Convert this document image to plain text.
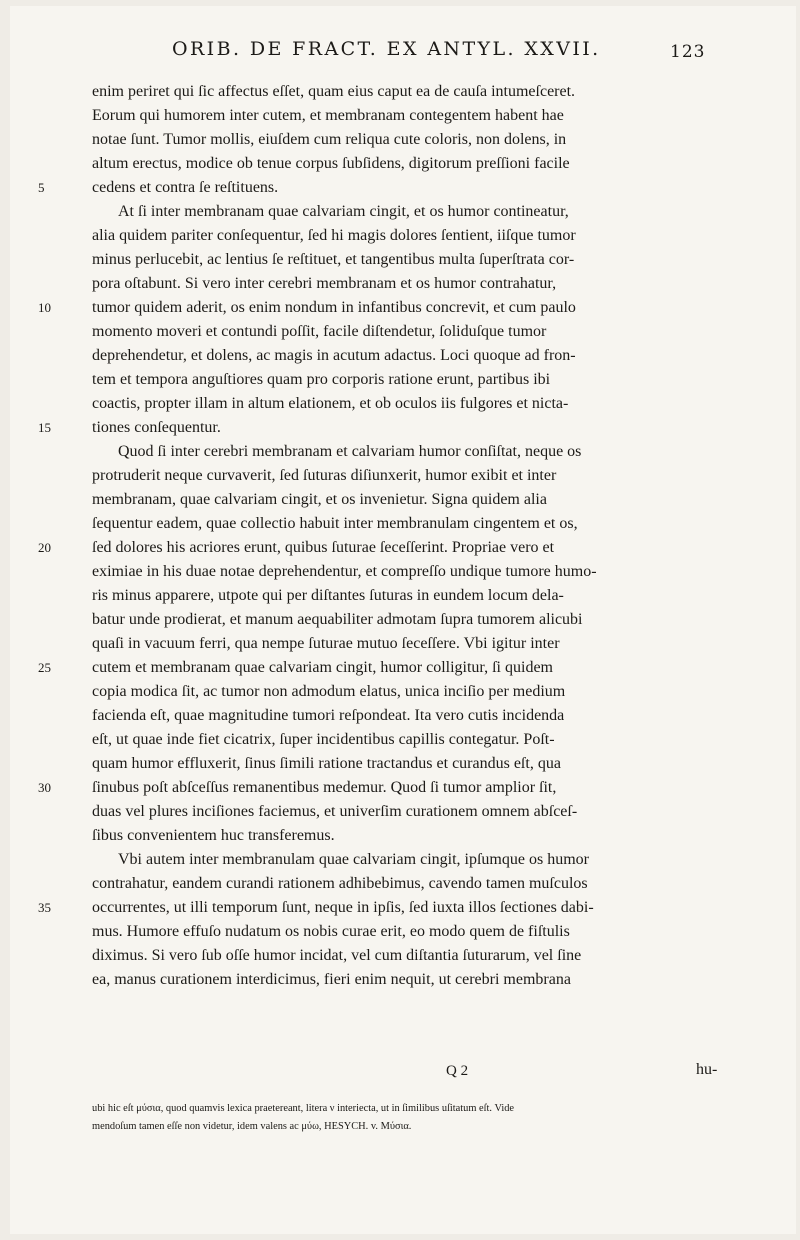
ORIB. DE FRACT. EX ANTYL. XXVII.	123
enim periret qui ſic affectus eſſet, quam eius caput ea de cauſa intumeſceret.
Eorum qui humorem inter cutem, et membranam contegentem habent hae
notae ſunt. Tumor mollis, eiuſdem cum reliqua cute coloris, non dolens, in
altum erectus, modice ob tenue corpus ſubſidens, digitorum preſſioni facile
cedens et contra ſe reſtituens.
At ſi inter membranam quae calvariam cingit, et os humor contineatur,
alia quidem pariter conſequentur, ſed hi magis dolores ſentient, iiſque tumor
minus perlucebit, ac lentius ſe reſtituet, et tangentibus multa ſuperſtrata cor-
pora oſtabunt. Si vero inter cerebri membranam et os humor contrahatur,
tumor quidem aderit, os enim nondum in infantibus concrevit, et cum paulo
momento moveri et contundi poſſit, facile diſtendetur, ſoliduſque tumor
deprehendetur, et dolens, ac magis in acutum adactus. Loci quoque ad fron-
tem et tempora anguſtiores quam pro corporis ratione erunt, partibus ibi
coactis, propter illam in altum elationem, et ob oculos iis fulgores et nicta-
tiones conſequentur.
Quod ſi inter cerebri membranam et calvariam humor conſiſtat, neque os
protruderit neque curvaverit, ſed ſuturas diſiunxerit, humor exibit et inter
membranam, quae calvariam cingit, et os invenietur. Signa quidem alia
ſequentur eadem, quae collectio habuit inter membranulam cingentem et os,
ſed dolores his acriores erunt, quibus ſuturae ſeceſſerint. Propriae vero et
eximiae in his duae notae deprehendentur, et compreſſo undique tumore humo-
ris minus apparere, utpote qui per diſtantes ſuturas in eundem locum dela-
batur unde prodierat, et manum aequabiliter admotam ſupra tumorem alicubi
quaſi in vacuum ferri, qua nempe ſuturae mutuo ſeceſſere. Vbi igitur inter
cutem et membranam quae calvariam cingit, humor colligitur, ſi quidem
copia modica ſit, ac tumor non admodum elatus, unica inciſio per medium
facienda eſt, quae magnitudine tumori reſpondeat. Ita vero cutis incidenda
eſt, ut quae inde fiet cicatrix, ſuper incidentibus capillis contegatur. Poſt-
quam humor effluxerit, ſinus ſimili ratione tractandus et curandus eſt, qua
ſinubus poſt abſceſſus remanentibus medemur. Quod ſi tumor amplior ſit,
duas vel plures inciſiones faciemus, et univerſim curationem omnem abſceſ-
ſibus convenientem huc transferemus.
Vbi autem inter membranulam quae calvariam cingit, ipſumque os humor
contrahatur, eandem curandi rationem adhibebimus, cavendo tamen muſculos
occurrentes, ut illi temporum ſunt, neque in ipſis, ſed iuxta illos ſectiones dabi-
mus. Humore effuſo nudatum os nobis curae erit, eo modo quem de fiſtulis
diximus. Si vero ſub oſſe humor incidat, vel cum diſtantia ſuturarum, vel ſine
ea, manus curationem interdicimus, fieri enim nequit, ut cerebri membrana
5
10
15
20
25
30
35
Q 2	hu-
ubi hic eſt μύσια, quod quamvis lexica praetereant, litera ν interiecta, ut in ſimilibus uſitatum eſt. Vide
mendoſum tamen eſſe non videtur, idem valens ac μύω, HESYCH. v. Μύσια.
